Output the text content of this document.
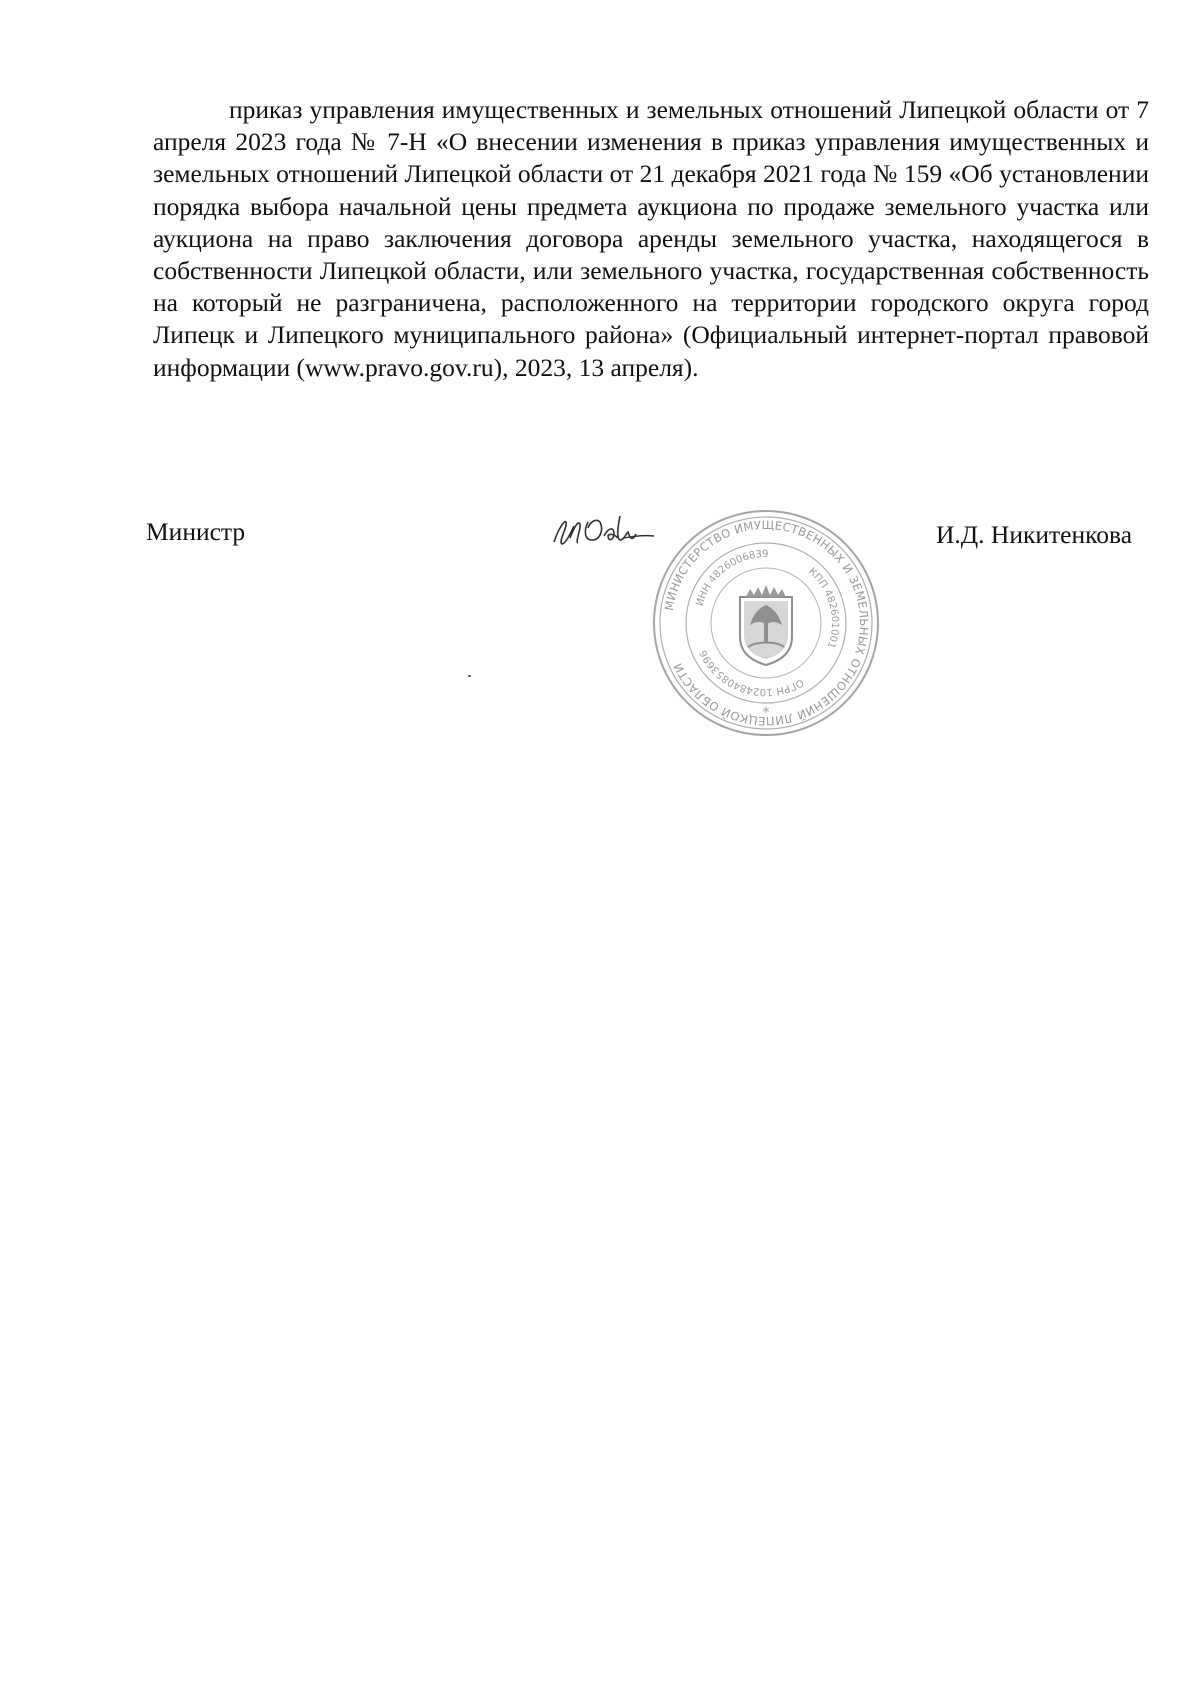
приказ управления имущественных и земельных отношений Липецкой области от 7 апреля 2023 года № 7-Н «О внесении изменения в приказ управления имущественных и земельных отношений Липецкой области от 21 декабря 2021 года № 159 «Об установлении порядка выбора начальной цены предмета аукциона по продаже земельного участка или аукциона на право заключения договора аренды земельного участка, находящегося в собственности Липецкой области, или земельного участка, государственная собственность на который не разграничена, расположенного на территории городского округа город Липецк и Липецкого муниципального района» (Официальный интернет-портал правовой информации (www.pravo.gov.ru), 2023, 13 апреля).

Министр
МИНИСТЕРСТВО ИМУЩЕСТВЕННЫХ И ЗЕМЕЛЬНЫХ ОТНОШЕНИЙ ЛИПЕЦКОЙ ОБЛАСТИ
ИНН 4826006839
КПП 482601001
ОГРН 1024840853696
*
И.Д. Никитенкова
